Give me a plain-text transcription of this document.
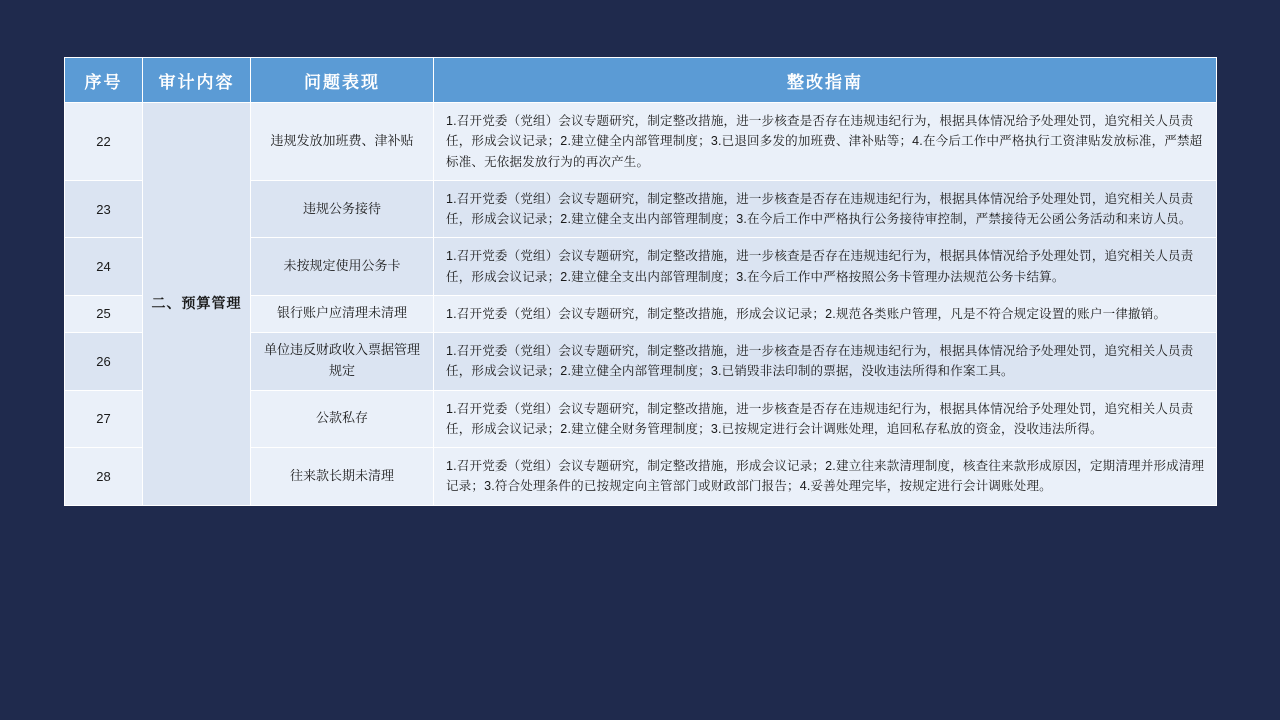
序号	审计内容	问题表现	整改指南
22	二、预算管理	违规发放加班费、津补贴	1.召开党委（党组）会议专题研究，制定整改措施，进一步核查是否存在违规违纪行为，根据具体情况给予处理处罚，追究相关人员责任，形成会议记录；2.建立健全内部管理制度；3.已退回多发的加班费、津补贴等；4.在今后工作中严格执行工资津贴发放标准，严禁超标准、无依据发放行为的再次产生。
23		违规公务接待	1.召开党委（党组）会议专题研究，制定整改措施，进一步核查是否存在违规违纪行为，根据具体情况给予处理处罚，追究相关人员责任，形成会议记录；2.建立健全支出内部管理制度；3.在今后工作中严格执行公务接待审控制，严禁接待无公函公务活动和来访人员。
24		未按规定使用公务卡	1.召开党委（党组）会议专题研究，制定整改措施，进一步核查是否存在违规违纪行为，根据具体情况给予处理处罚，追究相关人员责任，形成会议记录；2.建立健全支出内部管理制度；3.在今后工作中严格按照公务卡管理办法规范公务卡结算。
25		银行账户应清理未清理	1.召开党委（党组）会议专题研究，制定整改措施，形成会议记录；2.规范各类账户管理，凡是不符合规定设置的账户一律撤销。
26		单位违反财政收入票据管理规定	1.召开党委（党组）会议专题研究，制定整改措施，进一步核查是否存在违规违纪行为，根据具体情况给予处理处罚，追究相关人员责任，形成会议记录；2.建立健全内部管理制度；3.已销毁非法印制的票据，没收违法所得和作案工具。
27		公款私存	1.召开党委（党组）会议专题研究，制定整改措施，进一步核查是否存在违规违纪行为，根据具体情况给予处理处罚，追究相关人员责任，形成会议记录；2.建立健全财务管理制度；3.已按规定进行会计调账处理，追回私存私放的资金，没收违法所得。
28		往来款长期未清理	1.召开党委（党组）会议专题研究，制定整改措施，形成会议记录；2.建立往来款清理制度，核查往来款形成原因，定期清理并形成清理记录；3.符合处理条件的已按规定向主管部门或财政部门报告；4.妥善处理完毕，按规定进行会计调账处理。
